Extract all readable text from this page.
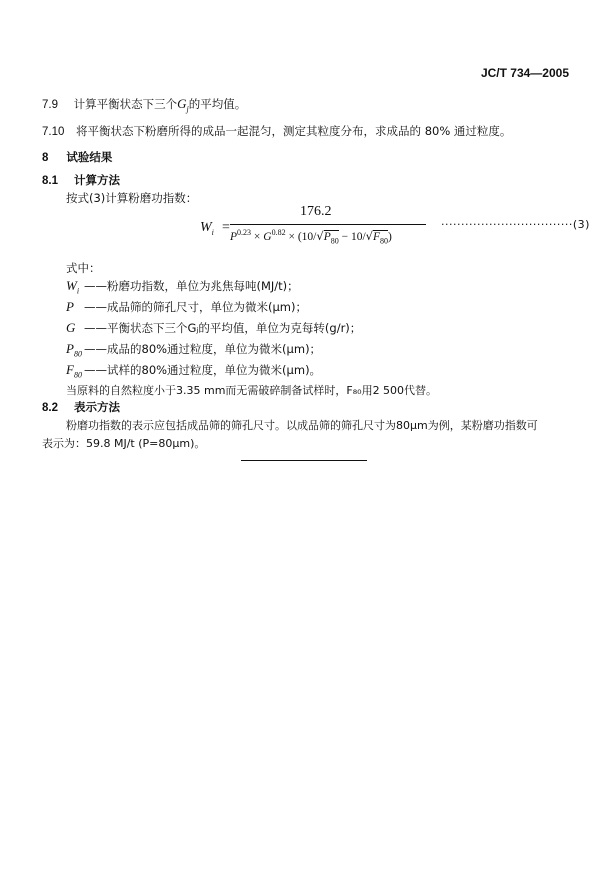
JC/T 734—2005
7.9 计算平衡状态下三个$G_j$的平均值。
7.10 将平衡状态下粉磨所得的成品一起混匀，测定其粒度分布，求成品的 80% 通过粒度。
8 试验结果
8.1 计算方法
按式(3)计算粉磨功指数：
$W_i$ =
176.2
$P^{0.23} \times G^{0.82} \times (10/√P_{80} - 10/√F_{80})$
·································(3)
式中：
$W_i$ ——粉磨功指数，单位为兆焦每吨(MJ/t)；
P ——成品筛的筛孔尺寸，单位为微米(μm)；
G ——平衡状态下三个Gⱼ的平均值，单位为克每转(g/r)；
$P_{80}$ ——成品的80%通过粒度，单位为微米(μm)；
$F_{80}$ ——试样的80%通过粒度，单位为微米(μm)。
当原料的自然粒度小于3.35 mm而无需破碎制备试样时，F₈₀用2 500代替。
8.2 表示方法
粉磨功指数的表示应包括成品筛的筛孔尺寸。以成品筛的筛孔尺寸为80μm为例，某粉磨功指数可
表示为：59.8 MJ/t (P=80μm)。
